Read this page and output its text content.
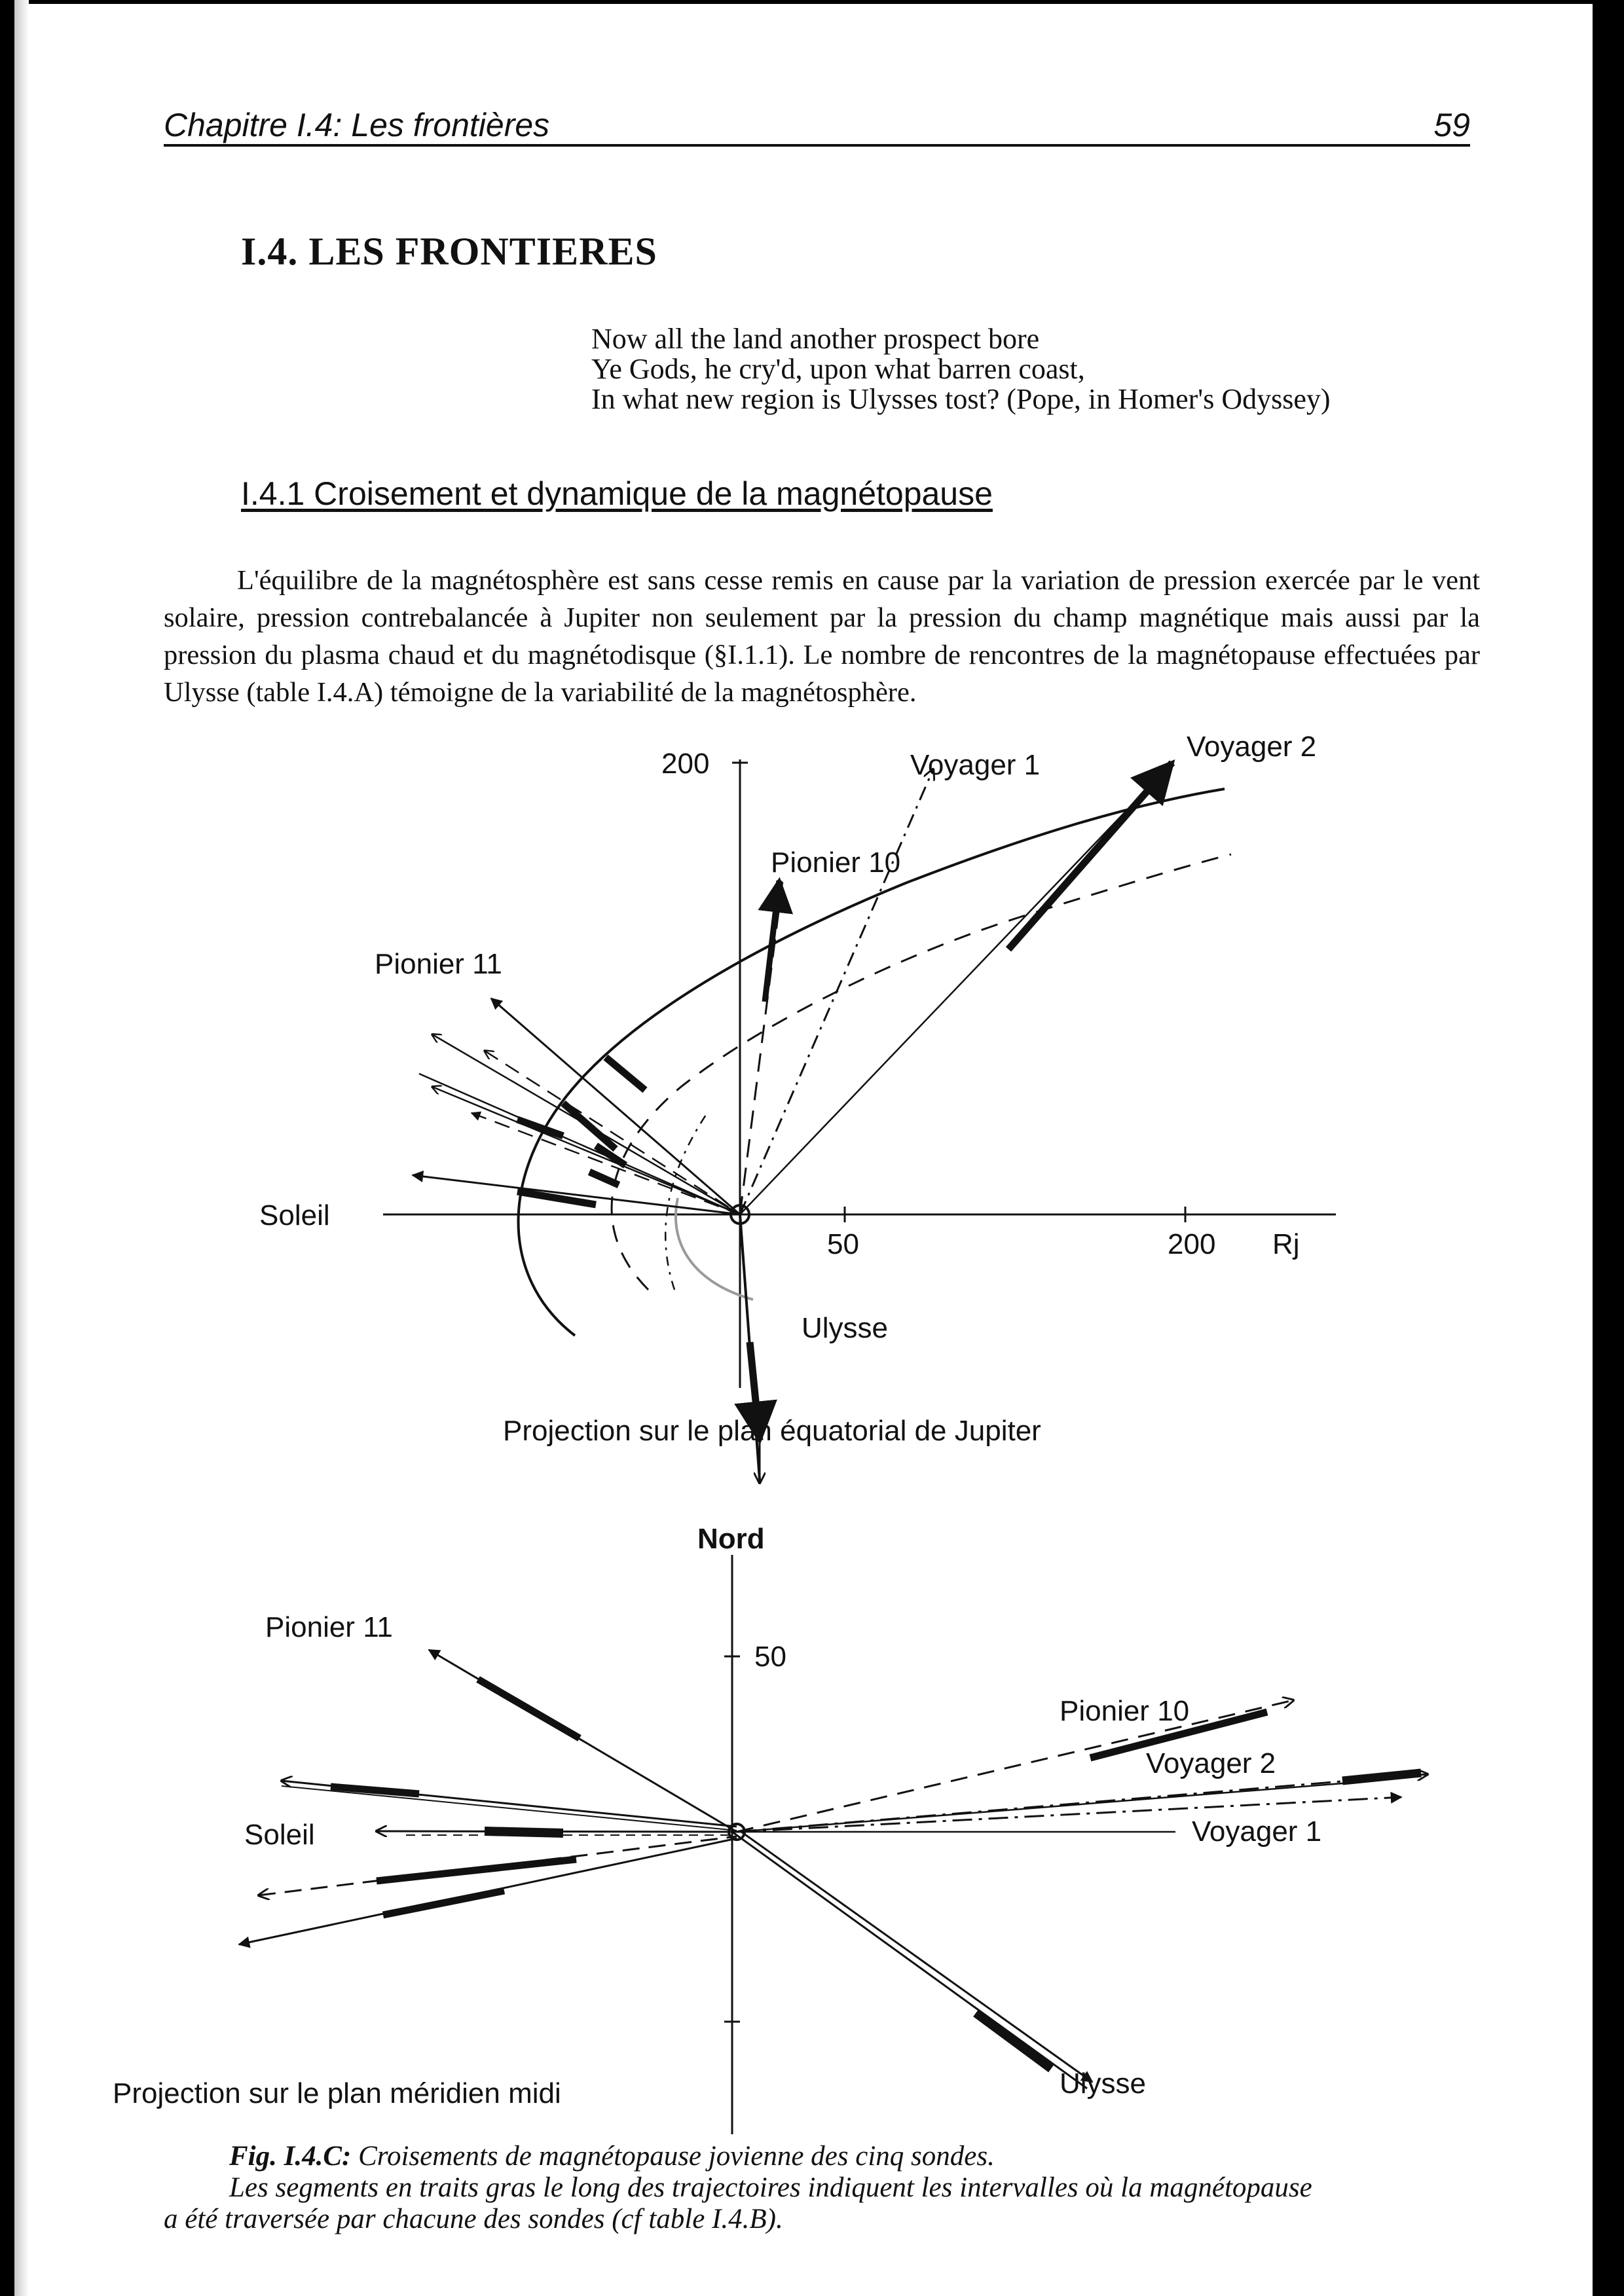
Chapitre I.4: Les frontières	59
I.4. LES FRONTIERES
Now all the land another prospect bore
Ye Gods, he cry'd, upon what barren coast,
In what new region is Ulysses tost? (Pope, in Homer's Odyssey)
I.4.1 Croisement et dynamique de la magnétopause
L'équilibre de la magnétosphère est sans cesse remis en cause par la variation de pression exercée par le vent solaire, pression contrebalancée à Jupiter non seulement par la pression du champ magnétique mais aussi par la pression du plasma chaud et du magnétodisque (§I.1.1). Le nombre de rencontres de la magnétopause effectuées par Ulysse (table I.4.A) témoigne de la variabilité de la magnétosphère.
200
50	200 Rj
Soleil
Voyager 1
Voyager 2
Pionier 10
Pionier 11
Ulysse
Projection sur le plan équatorial de Jupiter
Nord
50
Pionier 11
Pionier 10
Voyager 2
Voyager 1
Ulysse
Soleil
Projection sur le plan méridien midi
Fig. I.4.C: Croisements de magnétopause jovienne des cinq sondes.
Les segments en traits gras le long des trajectoires indiquent les intervalles où la magnétopause
a été traversée par chacune des sondes (cf table I.4.B).
